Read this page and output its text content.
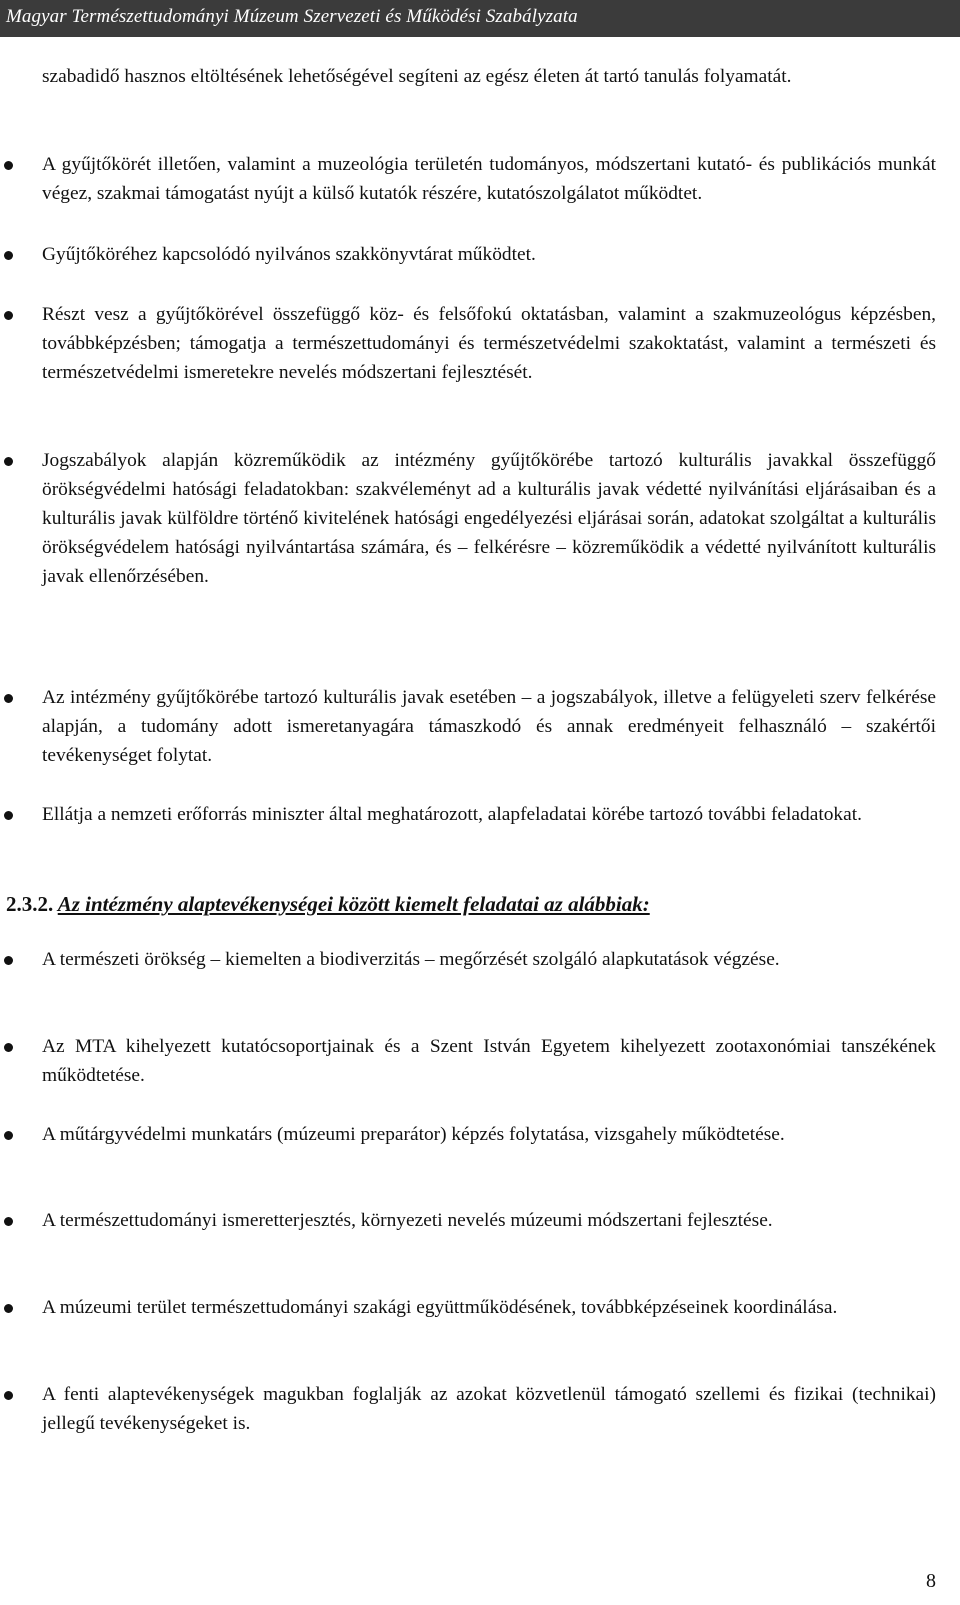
Magyar Természettudományi Múzeum Szervezeti és Működési Szabályzata
szabadidő hasznos eltöltésének lehetőségével segíteni az egész életen át tartó tanulás folyamatát.
A gyűjtőkörét illetően, valamint a muzeológia területén tudományos, módszertani kutató- és publikációs munkát végez, szakmai támogatást nyújt a külső kutatók részére, kutatószolgálatot működtet.
Gyűjtőköréhez kapcsolódó nyilvános szakkönyvtárat működtet.
Részt vesz a gyűjtőkörével összefüggő köz- és felsőfokú oktatásban, valamint a szakmuzeológus képzésben, továbbképzésben; támogatja a természettudományi és természetvédelmi szakoktatást, valamint a természeti és természetvédelmi ismeretekre nevelés módszertani fejlesztését.
Jogszabályok alapján közreműködik az intézmény gyűjtőkörébe tartozó kulturális javakkal összefüggő örökségvédelmi hatósági feladatokban: szakvéleményt ad a kulturális javak védetté nyilvánítási eljárásaiban és a kulturális javak külföldre történő kivitelének hatósági engedélyezési eljárásai során, adatokat szolgáltat a kulturális örökségvédelem hatósági nyilvántartása számára, és – felkérésre – közreműködik a védetté nyilvánított kulturális javak ellenőrzésében.
Az intézmény gyűjtőkörébe tartozó kulturális javak esetében – a jogszabályok, illetve a felügyeleti szerv felkérése alapján, a tudomány adott ismeretanyagára támaszkodó és annak eredményeit felhasználó – szakértői tevékenységet folytat.
Ellátja a nemzeti erőforrás miniszter által meghatározott, alapfeladatai körébe tartozó további feladatokat.
2.3.2. Az intézmény alaptevékenységei között kiemelt feladatai az alábbiak:
A természeti örökség – kiemelten a biodiverzitás – megőrzését szolgáló alapkutatások végzése.
Az MTA kihelyezett kutatócsoportjainak és a Szent István Egyetem kihelyezett zootaxonómiai tanszékének működtetése.
A műtárgyvédelmi munkatárs (múzeumi preparátor) képzés folytatása, vizsgahely működtetése.
A természettudományi ismeretterjesztés, környezeti nevelés múzeumi módszertani fejlesztése.
A múzeumi terület természettudományi szakági együttműködésének, továbbképzéseinek koordinálása.
A fenti alaptevékenységek magukban foglalják az azokat közvetlenül támogató szellemi és fizikai (technikai) jellegű tevékenységeket is.
8
